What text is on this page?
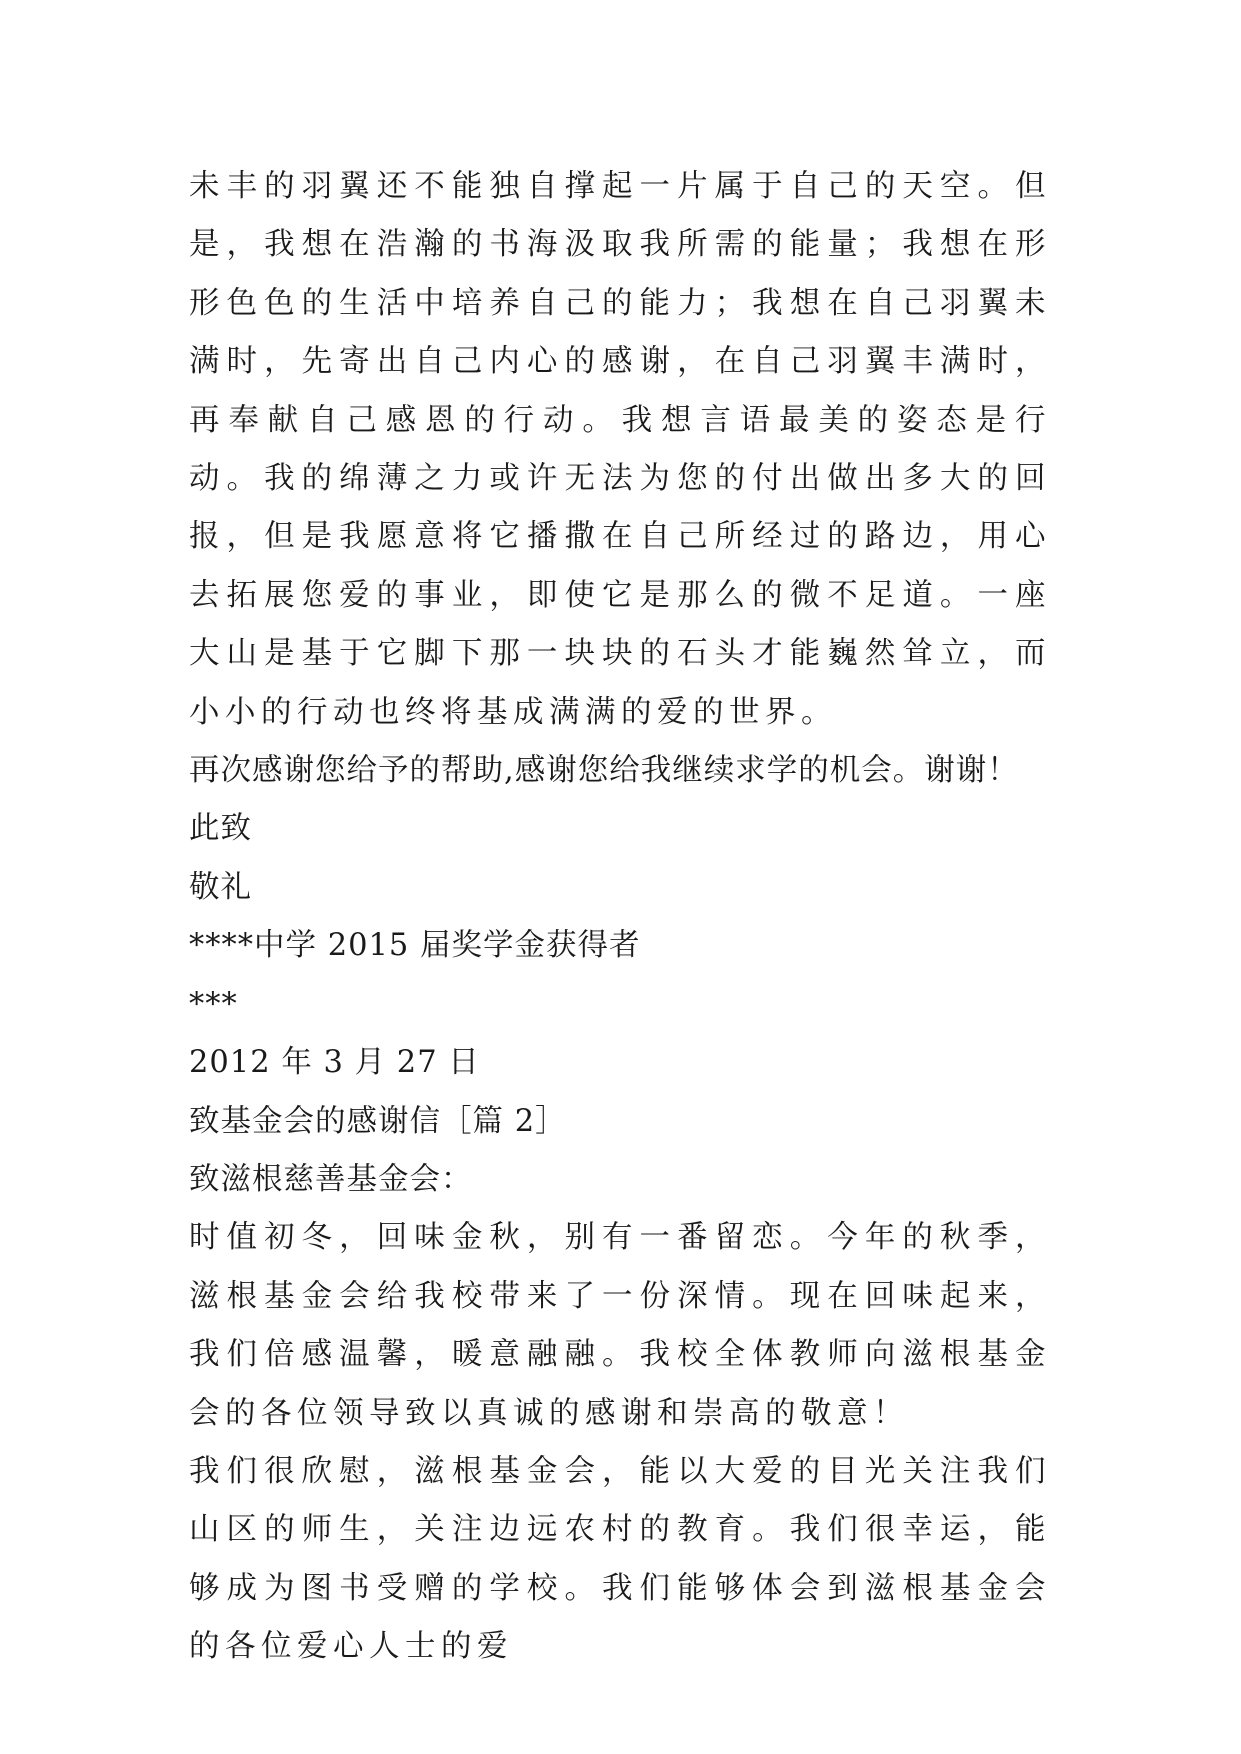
未丰的羽翼还不能独自撑起一片属于自己的天空。但是，我想在浩瀚的书海汲取我所需的能量；我想在形形色色的生活中培养自己的能力；我想在自己羽翼未满时，先寄出自己内心的感谢，在自己羽翼丰满时，再奉献自己感恩的行动。我想言语最美的姿态是行动。我的绵薄之力或许无法为您的付出做出多大的回报，但是我愿意将它播撒在自己所经过的路边，用心去拓展您爱的事业，即使它是那么的微不足道。一座大山是基于它脚下那一块块的石头才能巍然耸立，而小小的行动也终将基成满满的爱的世界。

再次感谢您给予的帮助,感谢您给我继续求学的机会。谢谢！

此致

敬礼

****中学 2015 届奖学金获得者

***

2012 年 3 月 27 日

致基金会的感谢信［篇 2］

致滋根慈善基金会：

时值初冬，回味金秋，别有一番留恋。今年的秋季，滋根基金会给我校带来了一份深情。现在回味起来，我们倍感温馨，暖意融融。我校全体教师向滋根基金会的各位领导致以真诚的感谢和崇高的敬意！

我们很欣慰，滋根基金会，能以大爱的目光关注我们山区的师生，关注边远农村的教育。我们很幸运，能够成为图书受赠的学校。我们能够体会到滋根基金会的各位爱心人士的爱
